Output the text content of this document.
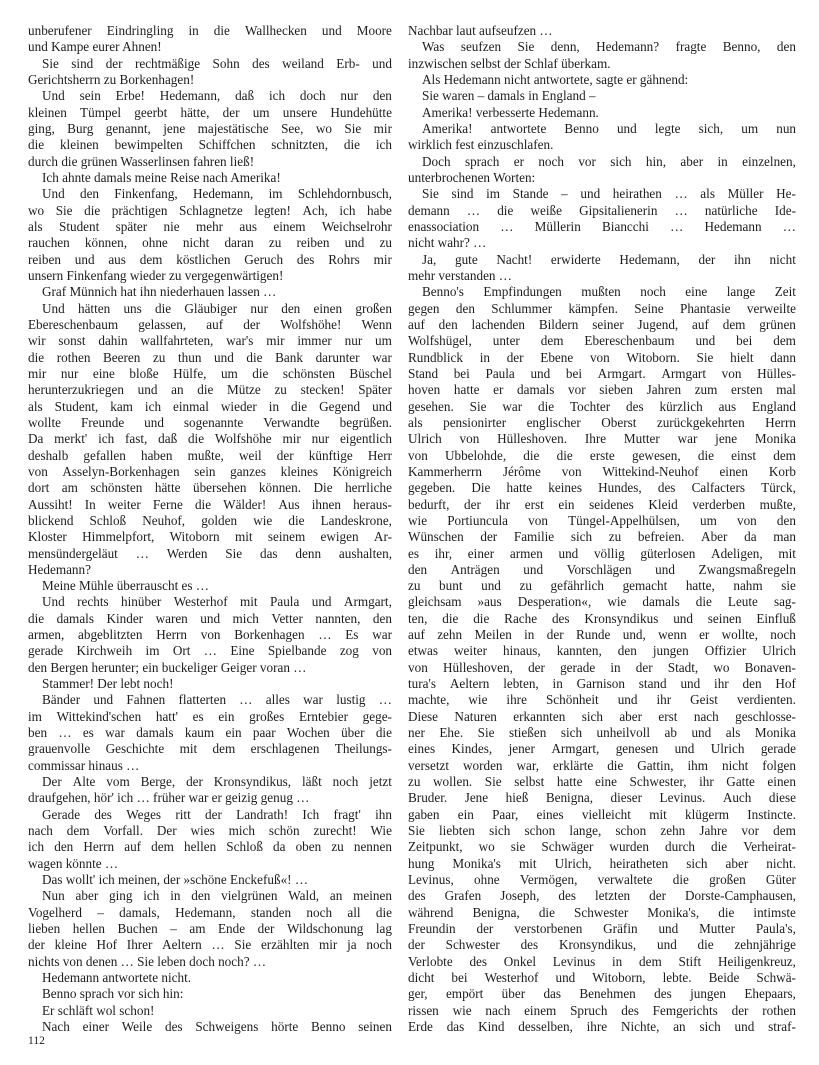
unberufener Eindringling in die Wallhecken und Moore
und Kampe eurer Ahnen!
Sie sind der rechtmäßige Sohn des weiland Erb- und
Gerichtsherrn zu Borkenhagen!
Und sein Erbe! Hedemann, daß ich doch nur den
kleinen Tümpel geerbt hätte, der um unsere Hundehütte
ging, Burg genannt, jene majestätische See, wo Sie mir
die kleinen bewimpelten Schiffchen schnitzten, die ich
durch die grünen Wasserlinsen fahren ließ!
Ich ahnte damals meine Reise nach Amerika!
Und den Finkenfang, Hedemann, im Schlehdornbusch,
wo Sie die prächtigen Schlagnetze legten! Ach, ich habe
als Student später nie mehr aus einem Weichselrohr
rauchen können, ohne nicht daran zu reiben und zu
reiben und aus dem köstlichen Geruch des Rohrs mir
unsern Finkenfang wieder zu vergegenwärtigen!
Graf Münnich hat ihn niederhauen lassen …
Und hätten uns die Gläubiger nur den einen großen
Ebereschenbaum gelassen, auf der Wolfshöhe! Wenn
wir sonst dahin wallfahrteten, war's mir immer nur um
die rothen Beeren zu thun und die Bank darunter war
mir nur eine bloße Hülfe, um die schönsten Büschel
herunterzukriegen und an die Mütze zu stecken! Später
als Student, kam ich einmal wieder in die Gegend und
wollte Freunde und sogenannte Verwandte begrüßen.
Da merkt' ich fast, daß die Wolfshöhe mir nur eigentlich
deshalb gefallen haben mußte, weil der künftige Herr
von Asselyn-Borkenhagen sein ganzes kleines Königreich
dort am schönsten hätte übersehen können. Die herrliche
Aussiht! In weiter Ferne die Wälder! Aus ihnen heraus-
blickend Schloß Neuhof, golden wie die Landeskrone,
Kloster Himmelpfort, Witoborn mit seinem ewigen Ar-
mensündergeläut … Werden Sie das denn aushalten,
Hedemann?
Meine Mühle überrauscht es …
Und rechts hinüber Westerhof mit Paula und Armgart,
die damals Kinder waren und mich Vetter nannten, den
armen, abgeblitzten Herrn von Borkenhagen … Es war
gerade Kirchweih im Ort … Eine Spielbande zog von
den Bergen herunter; ein buckeliger Geiger voran …
Stammer! Der lebt noch!
Bänder und Fahnen flatterten … alles war lustig …
im Wittekind'schen hatt' es ein großes Erntebier gege-
ben … es war damals kaum ein paar Wochen über die
grauenvolle Geschichte mit dem erschlagenen Theilungs-
commissar hinaus …
Der Alte vom Berge, der Kronsyndikus, läßt noch jetzt
draufgehen, hör' ich … früher war er geizig genug …
Gerade des Weges ritt der Landrath! Ich fragt' ihn
nach dem Vorfall. Der wies mich schön zurecht! Wie
ich den Herrn auf dem hellen Schloß da oben zu nennen
wagen könnte …
Das wollt' ich meinen, der »schöne Enckefuß«! …
Nun aber ging ich in den vielgrünen Wald, an meinen
Vogelherd – damals, Hedemann, standen noch all die
lieben hellen Buchen – am Ende der Wildschonung lag
der kleine Hof Ihrer Aeltern … Sie erzählten mir ja noch
nichts von denen … Sie leben doch noch? …
Hedemann antwortete nicht.
Benno sprach vor sich hin:
Er schläft wol schon!
Nach einer Weile des Schweigens hörte Benno seinen
Nachbar laut aufseufzen …
Was seufzen Sie denn, Hedemann? fragte Benno, den
inzwischen selbst der Schlaf überkam.
Als Hedemann nicht antwortete, sagte er gähnend:
Sie waren – damals in England –
Amerika! verbesserte Hedemann.
Amerika! antwortete Benno und legte sich, um nun
wirklich fest einzuschlafen.
Doch sprach er noch vor sich hin, aber in einzelnen,
unterbrochenen Worten:
Sie sind im Stande – und heirathen … als Müller He-
demann … die weiße Gipsitalienerin … natürliche Ide-
enassociation … Müllerin Biancchi … Hedemann …
nicht wahr? …
Ja, gute Nacht! erwiderte Hedemann, der ihn nicht
mehr verstanden …
Benno's Empfindungen mußten noch eine lange Zeit
gegen den Schlummer kämpfen. Seine Phantasie verweilte
auf den lachenden Bildern seiner Jugend, auf dem grünen
Wolfshügel, unter dem Ebereschenbaum und bei dem
Rundblick in der Ebene von Witoborn. Sie hielt dann
Stand bei Paula und bei Armgart. Armgart von Hülles-
hoven hatte er damals vor sieben Jahren zum ersten mal
gesehen. Sie war die Tochter des kürzlich aus England
als pensionirter englischer Oberst zurückgekehrten Herrn
Ulrich von Hülleshoven. Ihre Mutter war jene Monika
von Ubbelohde, die die erste gewesen, die einst dem
Kammerherrn Jérôme von Wittekind-Neuhof einen Korb
gegeben. Die hatte keines Hundes, des Calfacters Türck,
bedurft, der ihr erst ein seidenes Kleid verderben mußte,
wie Portiuncula von Tüngel-Appelhülsen, um von den
Wünschen der Familie sich zu befreien. Aber da man
es ihr, einer armen und völlig güterlosen Adeligen, mit
den Anträgen und Vorschlägen und Zwangsmaßregeln
zu bunt und zu gefährlich gemacht hatte, nahm sie
gleichsam »aus Desperation«, wie damals die Leute sag-
ten, die die Rache des Kronsyndikus und seinen Einfluß
auf zehn Meilen in der Runde und, wenn er wollte, noch
etwas weiter hinaus, kannten, den jungen Offizier Ulrich
von Hülleshoven, der gerade in der Stadt, wo Bonaven-
tura's Aeltern lebten, in Garnison stand und ihr den Hof
machte, wie ihre Schönheit und ihr Geist verdienten.
Diese Naturen erkannten sich aber erst nach geschlosse-
ner Ehe. Sie stießen sich unheilvoll ab und als Monika
eines Kindes, jener Armgart, genesen und Ulrich gerade
versetzt worden war, erklärte die Gattin, ihm nicht folgen
zu wollen. Sie selbst hatte eine Schwester, ihr Gatte einen
Bruder. Jene hieß Benigna, dieser Levinus. Auch diese
gaben ein Paar, eines vielleicht mit klügerm Instincte.
Sie liebten sich schon lange, schon zehn Jahre vor dem
Zeitpunkt, wo sie Schwäger wurden durch die Verheirat-
hung Monika's mit Ulrich, heiratheten sich aber nicht.
Levinus, ohne Vermögen, verwaltete die großen Güter
des Grafen Joseph, des letzten der Dorste-Camphausen,
während Benigna, die Schwester Monika's, die intimste
Freundin der verstorbenen Gräfin und Mutter Paula's,
der Schwester des Kronsyndikus, und die zehnjährige
Verlobte des Onkel Levinus in dem Stift Heiligenkreuz,
dicht bei Westerhof und Witoborn, lebte. Beide Schwä-
ger, empört über das Benehmen des jungen Ehepaars,
rissen wie nach einem Spruch des Femgerichts der rothen
Erde das Kind desselben, ihre Nichte, an sich und straf-
112
